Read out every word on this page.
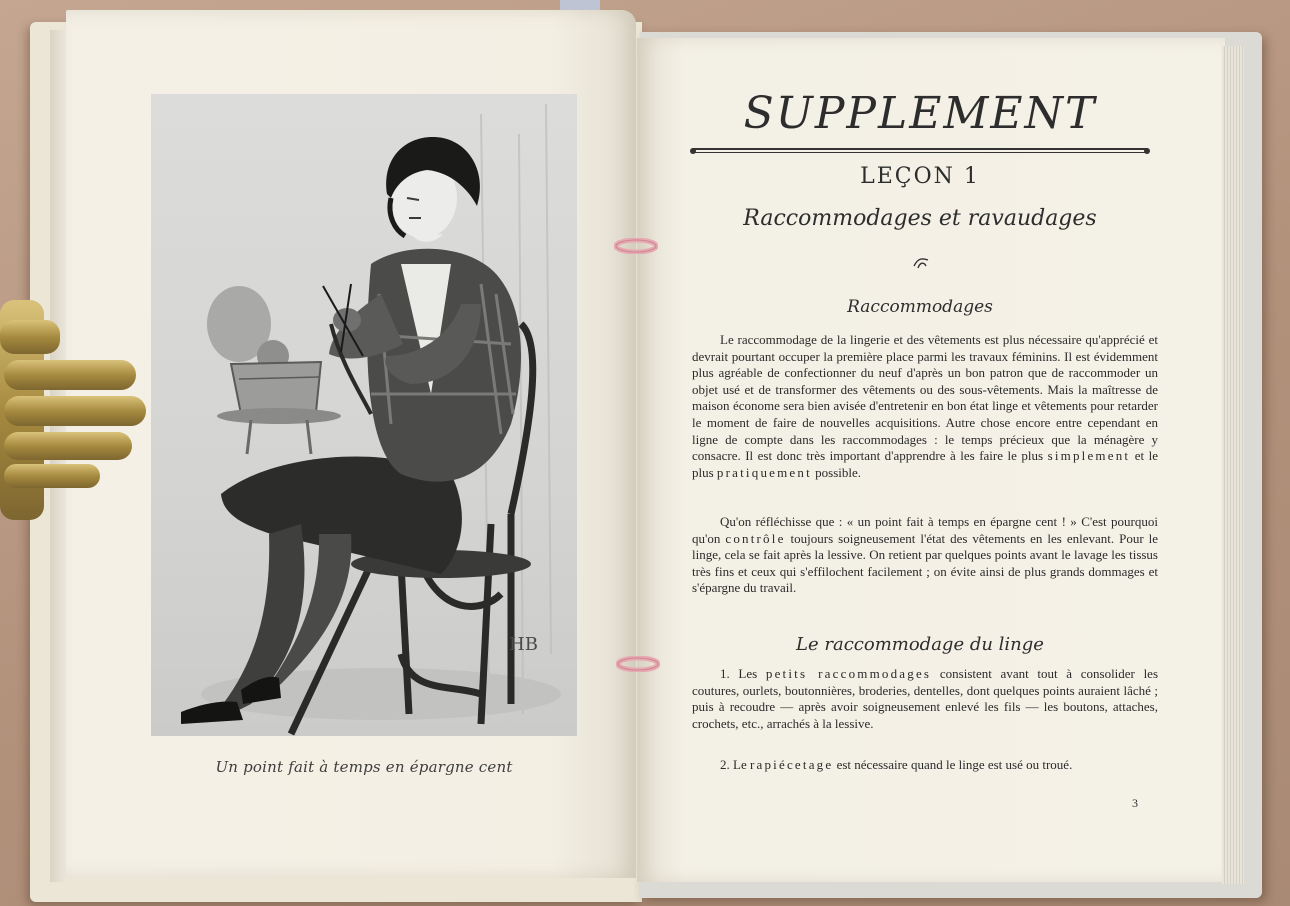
HB
Un point fait à temps en épargne cent
SUPPLEMENT
LEÇON 1
Raccommodages et ravaudages
Raccommodages

Le raccommodage de la lingerie et des vêtements est plus nécessaire qu'apprécié et devrait pourtant occuper la première place parmi les travaux féminins. Il est évidemment plus agréable de confectionner du neuf d'après un bon patron que de raccommoder un objet usé et de transformer des vêtements ou des sous-vêtements. Mais la maîtresse de maison économe sera bien avisée d'entretenir en bon état linge et vêtements pour retarder le moment de faire de nouvelles acquisitions. Autre chose encore entre cependant en ligne de compte dans les raccommodages : le temps précieux que la ménagère y consacre. Il est donc très important d'apprendre à les faire le plus simplement et le plus pratiquement possible.

Qu'on réfléchisse que : « un point fait à temps en épargne cent ! » C'est pourquoi qu'on contrôle toujours soigneusement l'état des vêtements en les enlevant. Pour le linge, cela se fait après la lessive. On retient par quelques points avant le lavage les tissus très fins et ceux qui s'effilochent facilement ; on évite ainsi de plus grands dommages et s'épargne du travail.

Le raccommodage du linge

1. Les petits raccommodages consistent avant tout à consolider les coutures, ourlets, boutonnières, broderies, dentelles, dont quelques points auraient lâché ; puis à recoudre — après avoir soigneusement enlevé les fils — les boutons, attaches, crochets, etc., arrachés à la lessive.

2. Le rapiécetage est nécessaire quand le linge est usé ou troué.

3
